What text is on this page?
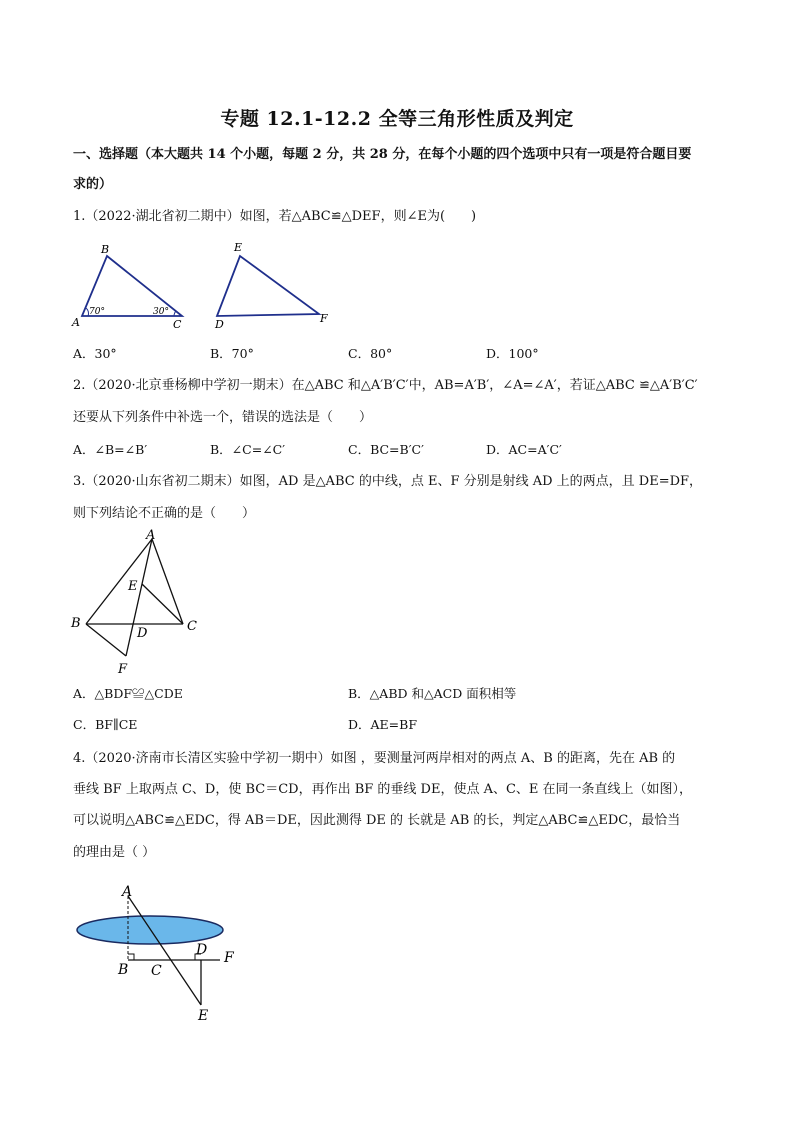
专题 12.1-12.2 全等三角形性质及判定
一、选择题（本大题共 14 个小题，每题 2 分，共 28 分，在每个小题的四个选项中只有一项是符合题目要
求的）
1.（2022·湖北省初二期中）如图，若△ABC≌△DEF，则∠E为(　　)
B
A	C
E
D	F
70°	30°
A．30°	B．70°	C．80°	D．100°
2.（2020·北京垂杨柳中学初一期末）在△ABC 和△A′B′C′中，AB=A′B′，∠A=∠A′，若证△ABC ≌△A′B′C′
还要从下列条件中补选一个，错误的选法是（　　）
A．∠B=∠B′	B．∠C=∠C′	C．BC=B′C′	D．AC=A′C′
3.（2020·山东省初二期末）如图，AD 是△ABC 的中线，点 E、F 分别是射线 AD 上的两点，且 DE=DF，
则下列结论不正确的是（　　）
A
E
B
D	C
F
A．△BDF≌△CDE	B．△ABD 和△ACD 面积相等
C．BF∥CE	D．AE=BF
4.（2020·济南市长清区实验中学初一期中）如图 ，要测量河两岸相对的两点 A、B 的距离，先在 AB 的
垂线 BF 上取两点 C、D，使 BC＝CD，再作出 BF 的垂线 DE，使点 A、C、E 在同一条直线上（如图），
可以说明△ABC≌△EDC，得 AB＝DE，因此测得 DE 的 长就是 AB 的长，判定△ABC≌△EDC，最恰当
的理由是（ ）
A
D F
B C
E
